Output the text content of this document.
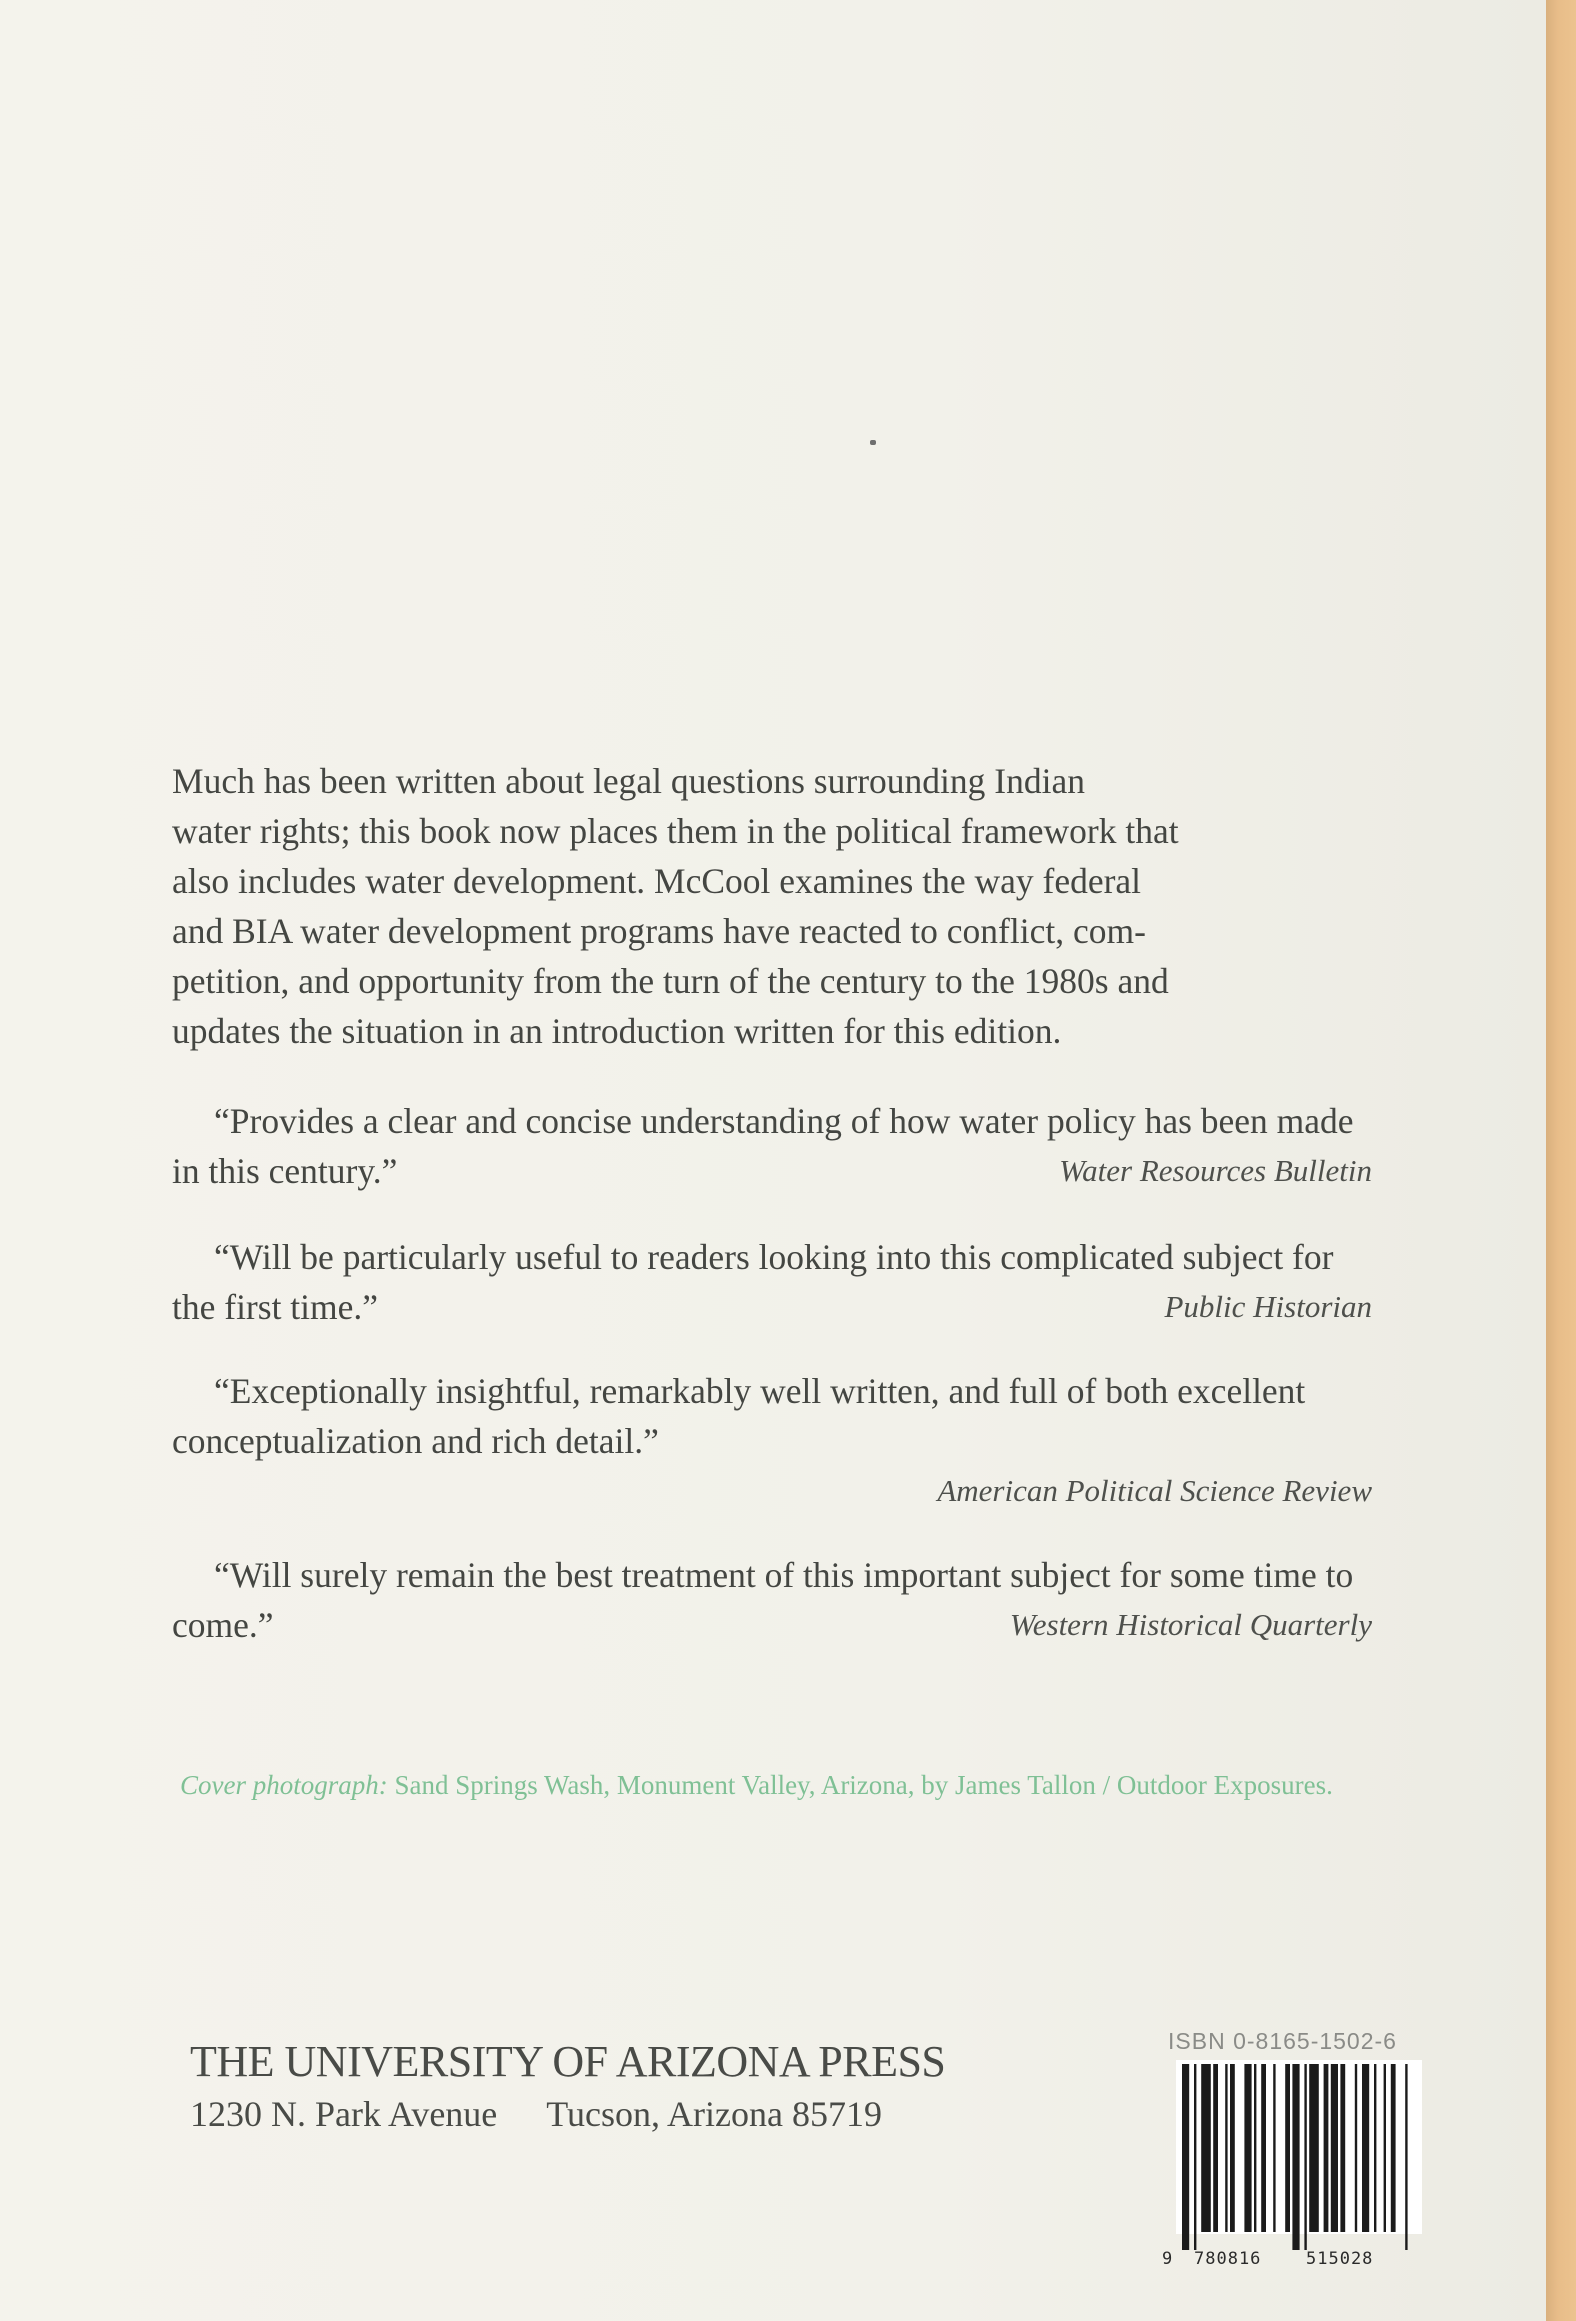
Much has been written about legal questions surrounding Indian
water rights; this book now places them in the political framework that
also includes water development. McCool examines the way federal
and BIA water development programs have reacted to conflict, com-
petition, and opportunity from the turn of the century to the 1980s and
updates the situation in an introduction written for this edition.

“Provides a clear and concise understanding of how water policy has been made in this century.”	Water Resources Bulletin

“Will be particularly useful to readers looking into this complicated subject for the first time.”	Public Historian

“Exceptionally insightful, remarkably well written, and full of both excellent conceptualization and rich detail.”

American Political Science Review

“Will surely remain the best treatment of this important subject for some time to come.”	Western Historical Quarterly

Cover photograph: Sand Springs Wash, Monument Valley, Arizona, by James Tallon / Outdoor Exposures.
THE UNIVERSITY OF ARIZONA PRESS
1230 N. Park Avenue Tucson, Arizona 85719
ISBN 0-8165-1502-6
9 780816	515028
